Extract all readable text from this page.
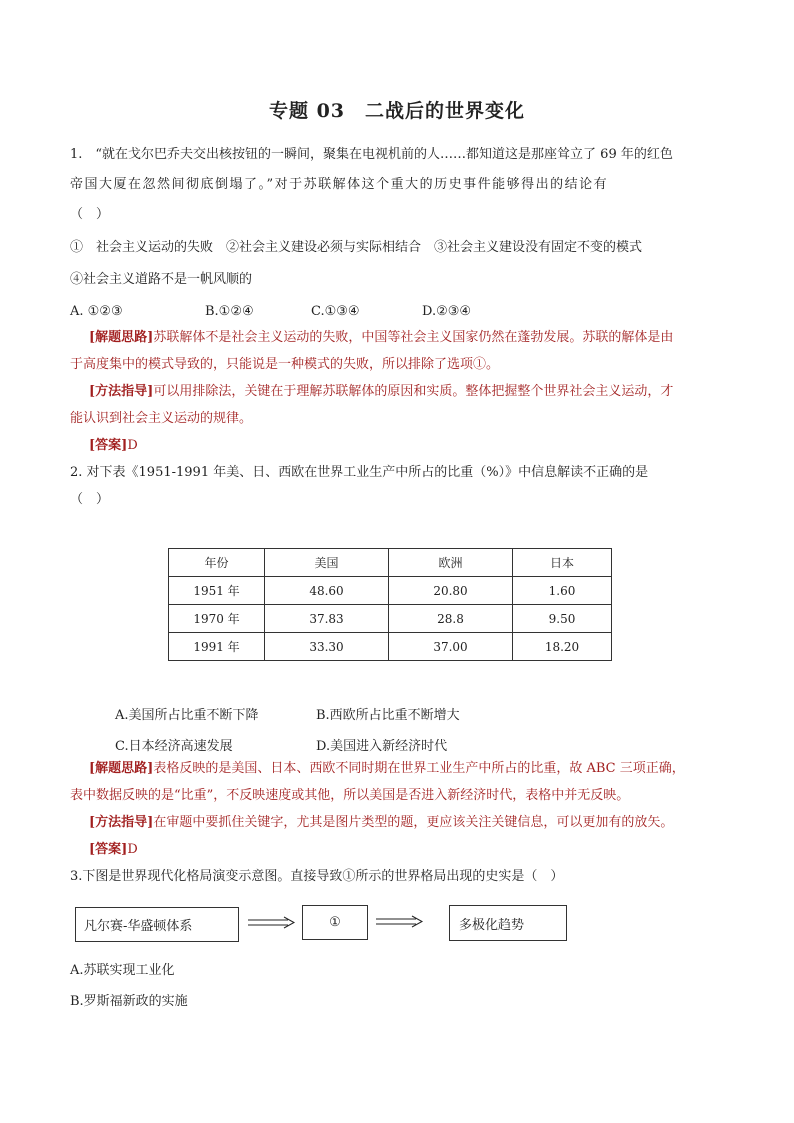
专题 03　二战后的世界变化
1.　“就在戈尔巴乔夫交出核按钮的一瞬间，聚集在电视机前的人……都知道这是那座耸立了 69 年的红色
帝国大厦在忽然间彻底倒塌了。”对于苏联解体这个重大的历史事件能够得出的结论有
（　）
①　社会主义运动的失败　②社会主义建设必须与实际相结合　③社会主义建设没有固定不变的模式
④社会主义道路不是一帆风顺的
A. ①②③	B.①②④	C.①③④	D.②③④
[解题思路]苏联解体不是社会主义运动的失败，中国等社会主义国家仍然在蓬勃发展。苏联的解体是由
于高度集中的模式导致的，只能说是一种模式的失败，所以排除了选项①。
[方法指导]可以用排除法，关键在于理解苏联解体的原因和实质。整体把握整个世界社会主义运动，才
能认识到社会主义运动的规律。
[答案]D
2. 对下表《1951-1991 年美、日、西欧在世界工业生产中所占的比重（%）》中信息解读不正确的是
（　）
年份	美国	欧洲	日本
1951 年	48.60	20.80	1.60
1970 年	37.83	28.8	9.50
1991 年	33.30	37.00	18.20
A.美国所占比重不断下降	B.西欧所占比重不断增大
C.日本经济高速发展	D.美国进入新经济时代
[解题思路]表格反映的是美国、日本、西欧不同时期在世界工业生产中所占的比重，故 ABC 三项正确，
表中数据反映的是“比重”，不反映速度或其他，所以美国是否进入新经济时代，表格中并无反映。
[方法指导]在审题中要抓住关键字，尤其是图片类型的题，更应该关注关键信息，可以更加有的放矢。
[答案]D
3.下图是世界现代化格局演变示意图。直接导致①所示的世界格局出现的史实是（　）
凡尔赛-华盛顿体系	①	多极化趋势
A.苏联实现工业化
B.罗斯福新政的实施
